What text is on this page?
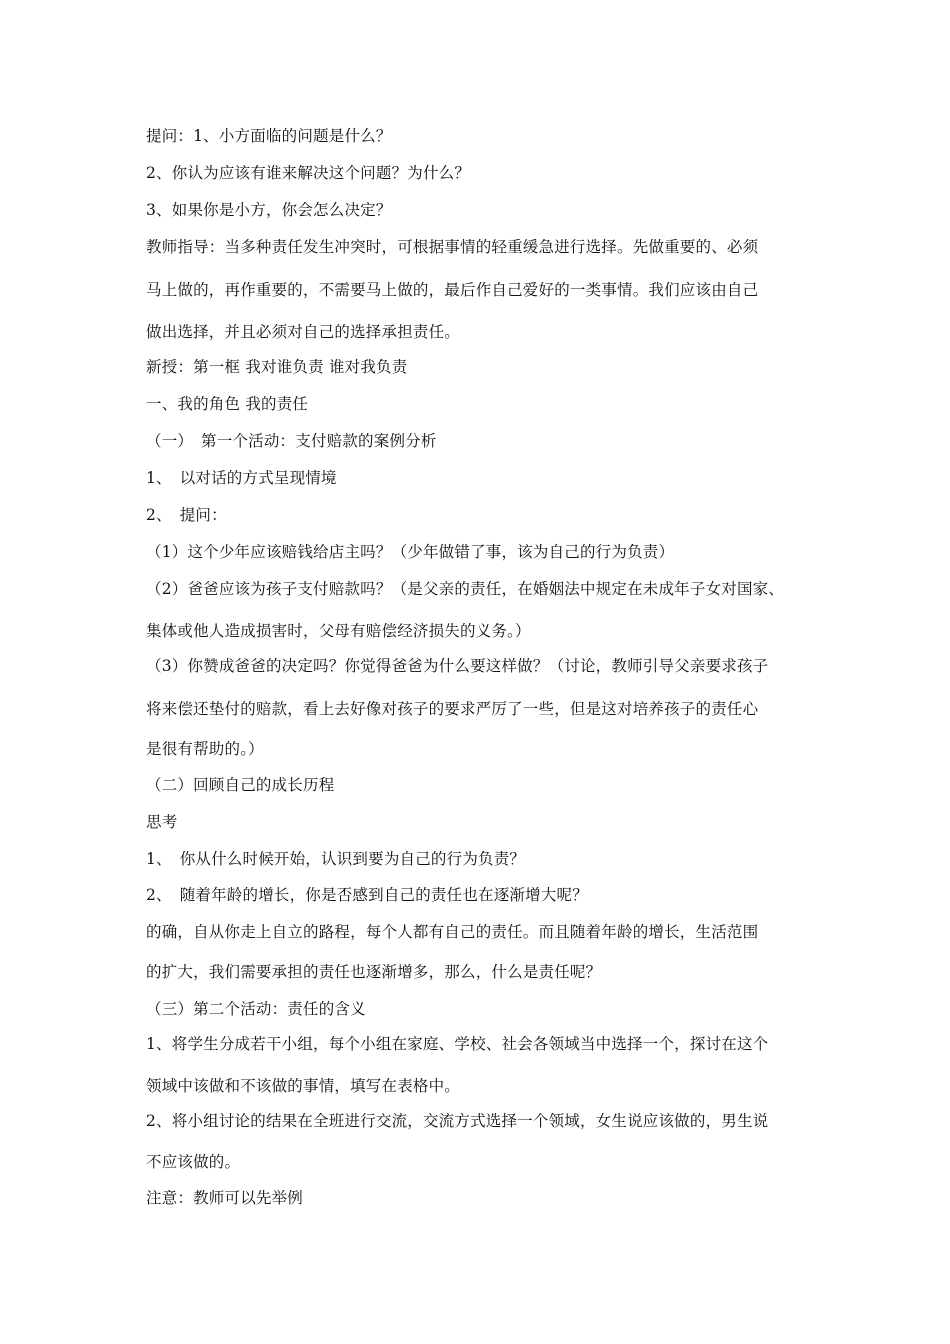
提问：1、小方面临的问题是什么？
2、你认为应该有谁来解决这个问题？为什么？
3、如果你是小方，你会怎么决定？
教师指导：当多种责任发生冲突时，可根据事情的轻重缓急进行选择。先做重要的、必须
马上做的，再作重要的，不需要马上做的，最后作自己爱好的一类事情。我们应该由自己
做出选择，并且必须对自己的选择承担责任。
新授：第一框 我对谁负责 谁对我负责
一、我的角色 我的责任
（一）　第一个活动：支付赔款的案例分析
1、　以对话的方式呈现情境
2、　提问：
（1）这个少年应该赔钱给店主吗？（少年做错了事，该为自己的行为负责）
（2）爸爸应该为孩子支付赔款吗？（是父亲的责任，在婚姻法中规定在未成年子女对国家、
集体或他人造成损害时，父母有赔偿经济损失的义务。）
（3）你赞成爸爸的决定吗？你觉得爸爸为什么要这样做？（讨论，教师引导父亲要求孩子
将来偿还垫付的赔款，看上去好像对孩子的要求严厉了一些，但是这对培养孩子的责任心
是很有帮助的。）
（二）回顾自己的成长历程
思考
1、　你从什么时候开始，认识到要为自己的行为负责？
2、　随着年龄的增长，你是否感到自己的责任也在逐渐增大呢？
的确，自从你走上自立的路程，每个人都有自己的责任。而且随着年龄的增长，生活范围
的扩大，我们需要承担的责任也逐渐增多，那么，什么是责任呢？
（三）第二个活动：责任的含义
1、将学生分成若干小组，每个小组在家庭、学校、社会各领域当中选择一个，探讨在这个
领域中该做和不该做的事情，填写在表格中。
2、将小组讨论的结果在全班进行交流，交流方式选择一个领域，女生说应该做的，男生说
不应该做的。
注意：教师可以先举例
